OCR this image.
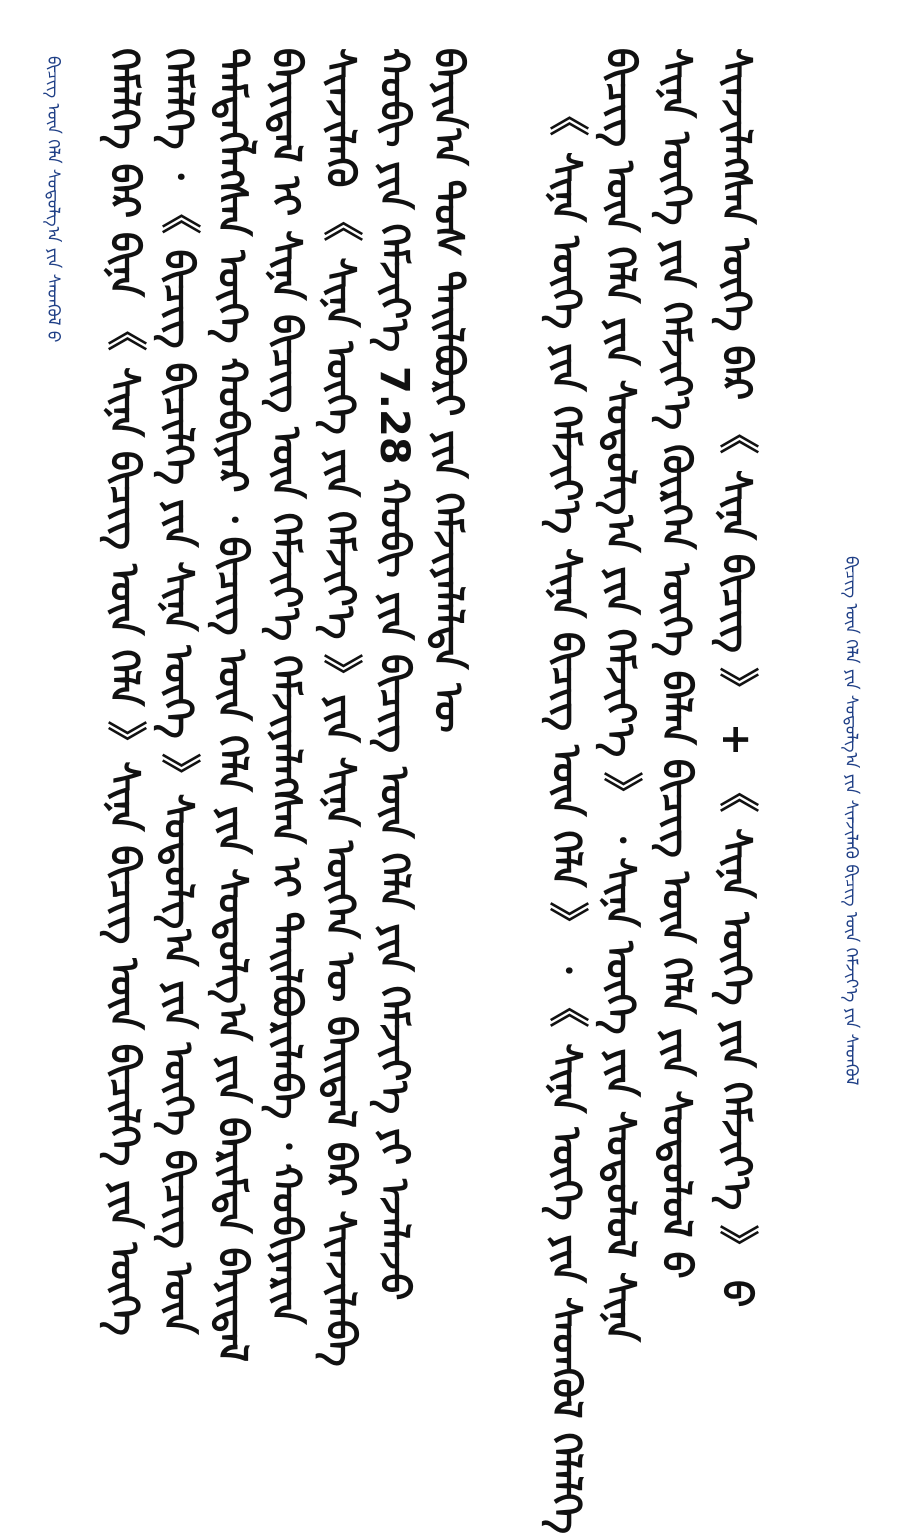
ᠪᠢᠴᠢᠭ ᠦᠨ ᠬᠡᠯᠡ ᠰᠤᠳᠤᠯᠭ᠎ᠠ ᠶᠢᠨ ᠰᠡᠳᠬᠦᠯ ᠪ ᠬᠡᠮᠡᠯᠭᠡ ᠪᠠᠷ ᠪᠢᠨᠠ 《 ᠰᠢᠨᠡ ᠪᠢᠴᠢᠭ ᠦᠨ ᠬᠡᠯᠡ 》ᠰᠢᠨᠡ ᠪᠢᠴᠢᠭ ᠦᠨ ᠪᠢᠴᠢᠯᠭᠡ ᠶᠢᠨ ᠦᠭᠡ ᠬᠡᠮᠡᠯᠭᠡ ᠂ 《 ᠪᠢᠴᠢᠭ ᠪᠢᠴᠢᠯᠭᠡ ᠶᠢᠨ ᠰᠢᠨᠡ ᠦᠭᠡ 》ᠰᠤᠳᠤᠯᠭ᠎ᠠ ᠶᠢᠨ ᠦᠭᠡ ᠪᠢᠴᠢᠭ ᠦᠨ ᠲᠡᠮᠳᠡᠭᠯᠡᠭᠰᠡᠨ ᠦᠭᠡ ᠬᠤᠪᠢᠶᠠᠷ ᠂ ᠪᠢᠴᠢᠭ ᠦᠨ ᠬᠡᠯᠡ ᠶᠢᠨ ᠰᠤᠳᠤᠯᠭ᠎ᠠ ᠶᠢᠨ ᠪᠠᠷᠢᠮᠲᠠ ᠪᠠᠶᠢᠳᠠᠯ ᠪᠠᠶᠢᠳᠠᠯ ᠢ ᠰᠢᠨᠡ ᠪᠢᠴᠢᠭ ᠦᠨ ᠬᠡᠮᠵᠢᠶ᠎ᠡ ᠬᠡᠮᠵᠢᠶᠡᠯᠡᠭᠰᠡᠨ ᠢ ᠲᠠᠢᠯᠪᠤᠷᠢᠯᠠᠪᠠ ᠂ ᠬᠤᠪᠢᠶᠠᠷᠢᠨ ᠰᠢᠨᠵᠢᠯᠡᠬᠦ 《 ᠰᠢᠨᠡ ᠦᠭᠡ ᠶᠢᠨ ᠬᠡᠮᠵᠢᠶ᠎ᠡ 》ᠶᠢᠨ ᠰᠢᠨᠡ ᠦᠭᠡᠨ ᠦ ᠪᠠᠢᠳᠠᠯ ᠪᠡᠷ ᠰᠢᠨᠵᠢᠯᠡᠪᠡ ᠬᠤᠪᠢ ᠶᠢᠨ ᠬᠡᠮᠵᠢᠶ᠎ᠡ 7.28 ᠬᠤᠪᠢ ᠶᠢᠨ ᠪᠢᠴᠢᠭ ᠦᠨ ᠬᠡᠯᠡ ᠶᠢᠨ ᠬᠡᠮᠵᠢᠶ᠎ᠡ ᠶᠢ ᠡᠵᠡᠯᠡᠵᠦ ᠪᠠᠶᠢᠨ᠎ᠠ ᠲᠤᠰ ᠲᠠᠢᠯᠪᠤᠷᠢ ᠶᠢᠨ ᠬᠡᠮᠵᠢᠶᠡᠯᠡᠯᠲᠡ ᠦ 《 ᠰᠢᠨᠡ ᠦᠭᠡ ᠶᠢᠨ ᠬᠡᠮᠵᠢᠶ᠎ᠡ ᠰᠢᠨᠡ ᠪᠢᠴᠢᠭ ᠦᠨ ᠬᠡᠯᠡ 》 ᠂ 《 ᠰᠢᠨᠡ ᠦᠭᠡ ᠶᠢᠨ ᠰᠡᠳᠬᠦᠯ ᠬᠡᠯᠡᠯᠭᠡ ᠪᠢᠴᠢᠭ ᠦᠨ ᠬᠡᠯᠡ ᠶᠢᠨ ᠰᠤᠳᠤᠯᠭ᠎ᠠ ᠶᠢᠨ ᠬᠡᠮᠵᠢᠶ᠎ᠡ 》 ᠂ ᠰᠢᠨᠡ ᠦᠭᠡ ᠶᠢᠨ ᠰᠤᠳᠤᠯᠤᠯ ᠰᠢᠨᠡ ᠰᠢᠨᠡ ᠦᠭᠡ ᠶᠢᠨ ᠬᠡᠮᠵᠢᠶ᠎ᠡ ᠬᠦᠷᠭᠡᠨ ᠦᠭᠡ ᠪᠡᠯᠡᠨ ᠪᠢᠴᠢᠭ ᠦᠨ ᠬᠡᠯᠡ ᠶᠢᠨ ᠰᠤᠳᠤᠯᠤᠯ ᠪ ᠰᠢᠨᠵᠢᠯᠡᠭᠰᠡᠨ ᠦᠭᠡ ᠪᠠᠷ 《 ᠰᠢᠨᠡ ᠪᠢᠴᠢᠭ 》 + 《 ᠰᠢᠨᠡ ᠦᠭᠡ ᠶᠢᠨ ᠬᠡᠮᠵᠢᠶ᠎ᠡ 》 ᠪ	ᠪᠢᠴᠢᠭ ᠦᠨ ᠬᠡᠯᠡ ᠶᠢᠨ ᠰᠤᠳᠤᠯᠭ᠎ᠠ ᠶᠢᠨ ᠰᠢᠨᠵᠢᠯᠡᠬᠦ ᠪᠢᠴᠢᠭ ᠦᠨ ᠬᠡᠮᠵᠢᠶ᠎ᠡ ᠶᠢᠨ ᠰᠡᠳᠬᠦᠯ
